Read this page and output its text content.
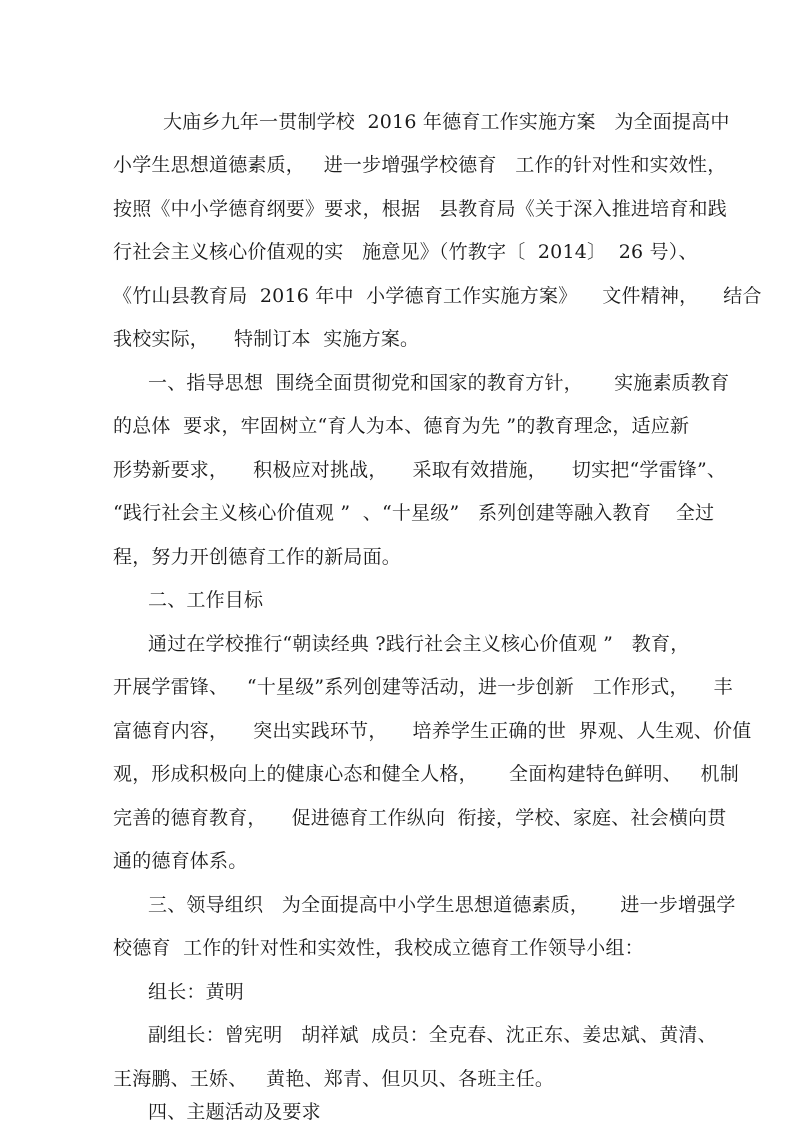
大庙乡九年一贯制学校  2016 年德育工作实施方案   为全面提高中
小学生思想道德素质，   进一步增强学校德育   工作的针对性和实效性，
按照《中小学德育纲要》要求，根据   县教育局《关于深入推进培育和践
行社会主义核心价值观的实   施意见》（竹教字〔  2014〕  26 号）、
《竹山县教育局  2016 年中  小学德育工作实施方案》    文件精神，    结合
我校实际，    特制订本  实施方案。
一、指导思想  围绕全面贯彻党和国家的教育方针，     实施素质教育
的总体  要求，牢固树立“育人为本、德育为先 ”的教育理念，适应新
形势新要求，    积极应对挑战，    采取有效措施，    切实把“学雷锋”、
“践行社会主义核心价值观 ”  、“十星级”   系列创建等融入教育    全过
程，努力开创德育工作的新局面。
二、工作目标
通过在学校推行“朝读经典 ?践行社会主义核心价值观 ”   教育，
开展学雷锋、   “十星级”系列创建等活动，进一步创新   工作形式，    丰
富德育内容，    突出实践环节，    培养学生正确的世  界观、人生观、价值
观，形成积极向上的健康心态和健全人格，     全面构建特色鲜明、   机制
完善的德育教育，    促进德育工作纵向  衔接，学校、家庭、社会横向贯
通的德育体系。
三、领导组织   为全面提高中小学生思想道德素质，     进一步增强学
校德育  工作的针对性和实效性，我校成立德育工作领导小组：
组长：黄明
副组长：曾宪明   胡祥斌  成员：全克春、沈正东、姜忠斌、黄清、
王海鹏、王娇、   黄艳、郑青、但贝贝、各班主任。
四、主题活动及要求
